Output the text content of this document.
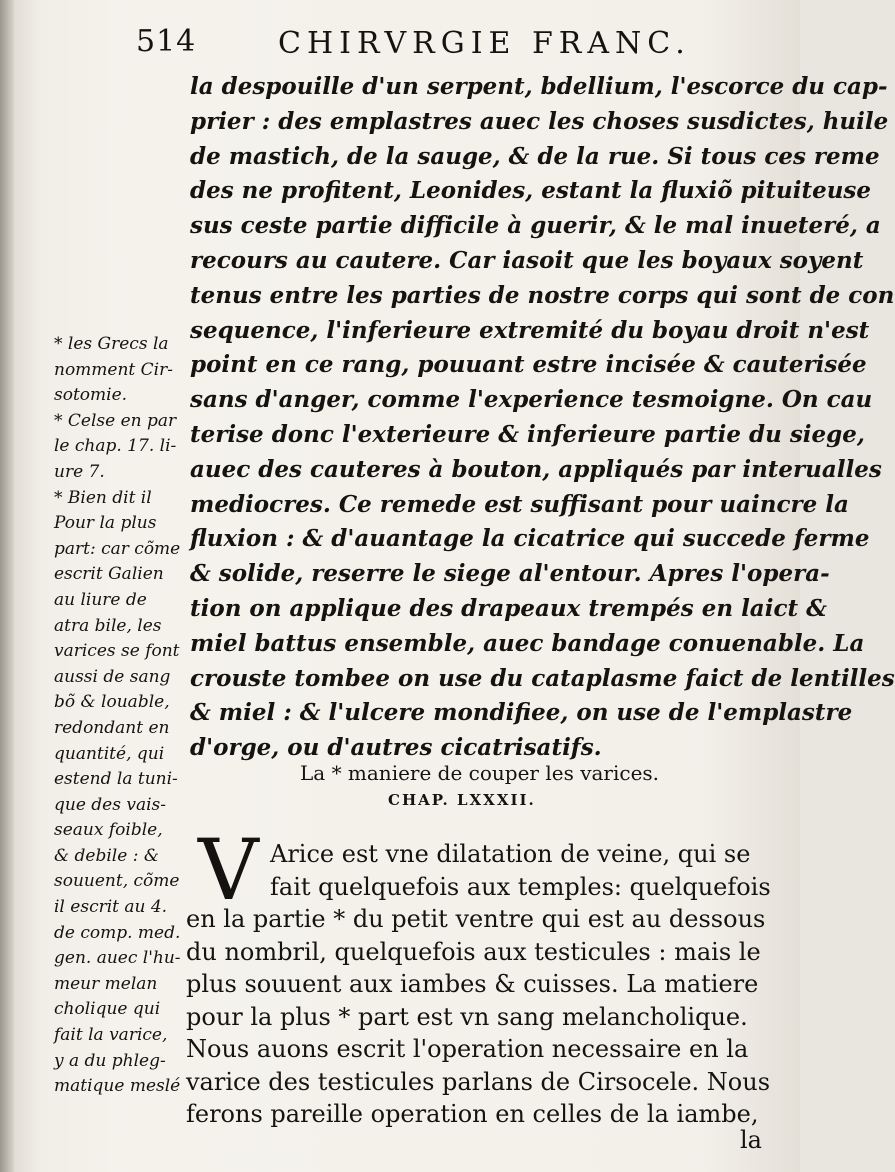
514	CHIRVRGIE FRANC.
la despouille d'un serpent, bdellium, l'escorce du cap-
prier : des emplastres auec les choses susdictes, huile
de mastich, de la sauge, & de la rue. Si tous ces reme
des ne profitent, Leonides, estant la fluxiõ pituiteuse
sus ceste partie difficile à guerir, & le mal inueteré, a
recours au cautere. Car iasoit que les boyaux soyent
tenus entre les parties de nostre corps qui sont de con
sequence, l'inferieure extremité du boyau droit n'est
point en ce rang, pouuant estre incisée & cauterisée
sans d'anger, comme l'experience tesmoigne. On cau
terise donc l'exterieure & inferieure partie du siege,
auec des cauteres à bouton, appliqués par interualles
mediocres. Ce remede est suffisant pour uaincre la
fluxion : & d'auantage la cicatrice qui succede ferme
& solide, reserre le siege al'entour. Apres l'opera-
tion on applique des drapeaux trempés en laict &
miel battus ensemble, auec bandage conuenable. La
crouste tombee on use du cataplasme faict de lentilles
& miel : & l'ulcere mondifiee, on use de l'emplastre
d'orge, ou d'autres cicatrisatifs.
* les Grecs la
nomment Cir-
sotomie.
* Celse en par
le chap. 17. li-
ure 7.
* Bien dit il
Pour la plus
part: car cõme
escrit Galien
au liure de
atra bile, les
varices se font
aussi de sang
bõ & louable,
redondant en
quantité, qui
estend la tuni-
que des vais-
seaux foible,
& debile : &
souuent, cõme
il escrit au 4.
de comp. med.
gen. auec l'hu-
meur melan
cholique qui
fait la varice,
y a du phleg-
matique meslé
La * maniere de couper les varices.
CHAP. LXXXII.
V Arice est vne dilatation de veine, qui se
fait quelquefois aux temples: quelquefois
en la partie * du petit ventre qui est au dessous
du nombril, quelquefois aux testicules : mais le
plus souuent aux iambes & cuisses. La matiere
pour la plus * part est vn sang melancholique.
Nous auons escrit l'operation necessaire en la
varice des testicules parlans de Cirsocele. Nous
ferons pareille operation en celles de la iambe,
la
